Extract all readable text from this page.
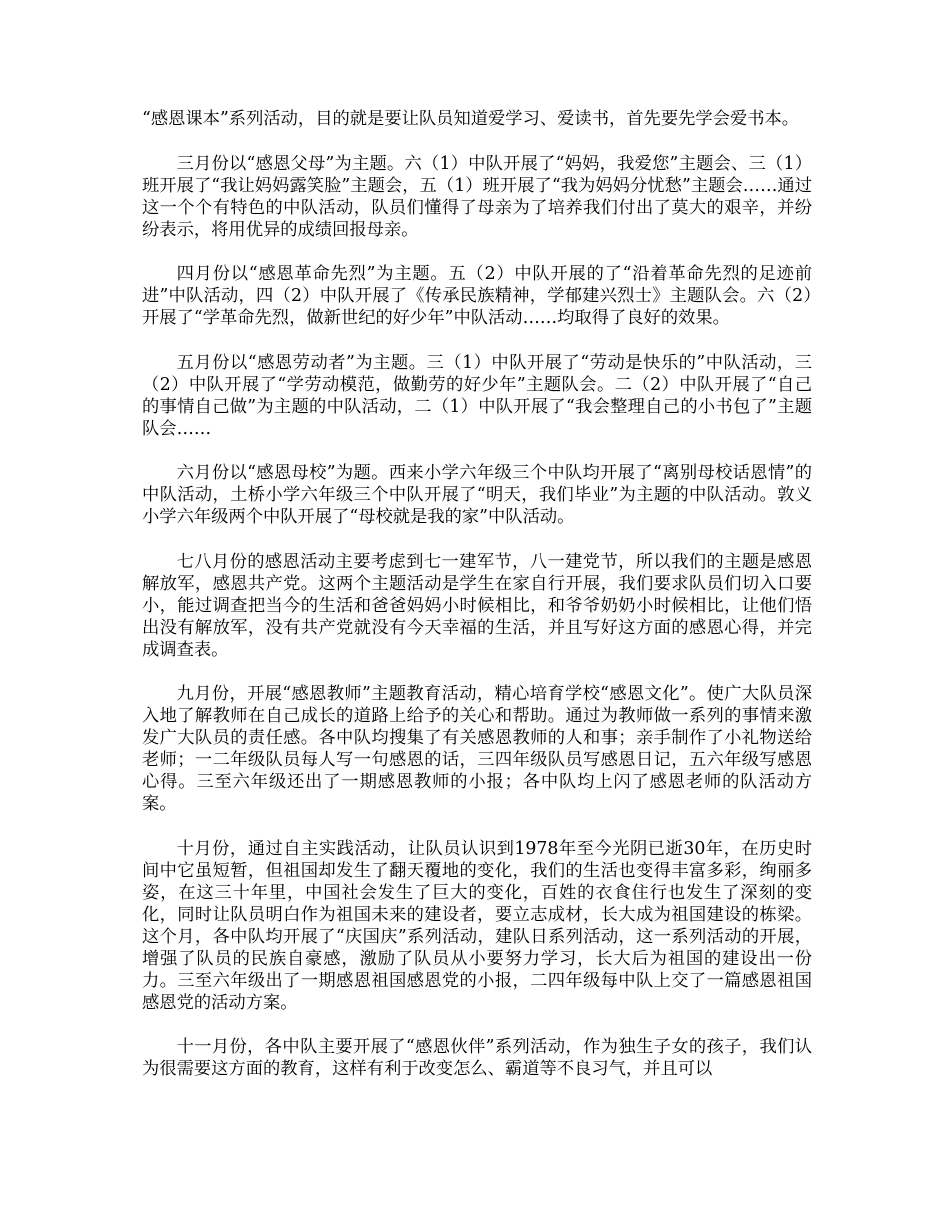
“感恩课本”系列活动，目的就是要让队员知道爱学习、爱读书，首先要先学会爱书本。

三月份以“感恩父母”为主题。六（1）中队开展了“妈妈，我爱您”主题会、三（1）班开展了“我让妈妈露笑脸”主题会，五（1）班开展了“我为妈妈分忧愁”主题会……通过这一个个有特色的中队活动，队员们懂得了母亲为了培养我们付出了莫大的艰辛，并纷纷表示，将用优异的成绩回报母亲。

四月份以“感恩革命先烈”为主题。五（2）中队开展的了“沿着革命先烈的足迹前进”中队活动，四（2）中队开展了《传承民族精神，学郁建兴烈士》主题队会。六（2）开展了“学革命先烈，做新世纪的好少年”中队活动……均取得了良好的效果。

五月份以“感恩劳动者”为主题。三（1）中队开展了“劳动是快乐的”中队活动，三（2）中队开展了“学劳动模范，做勤劳的好少年”主题队会。二（2）中队开展了“自己的事情自己做”为主题的中队活动，二（1）中队开展了“我会整理自己的小书包了”主题队会……

六月份以“感恩母校”为题。西来小学六年级三个中队均开展了“离别母校话恩情”的中队活动，土桥小学六年级三个中队开展了“明天，我们毕业”为主题的中队活动。敦义小学六年级两个中队开展了“母校就是我的家”中队活动。

七八月份的感恩活动主要考虑到七一建军节，八一建党节，所以我们的主题是感恩解放军，感恩共产党。这两个主题活动是学生在家自行开展，我们要求队员们切入口要小，能过调查把当今的生活和爸爸妈妈小时候相比，和爷爷奶奶小时候相比，让他们悟出没有解放军，没有共产党就没有今天幸福的生活，并且写好这方面的感恩心得，并完成调查表。

九月份，开展“感恩教师”主题教育活动，精心培育学校“感恩文化”。使广大队员深入地了解教师在自己成长的道路上给予的关心和帮助。通过为教师做一系列的事情来激发广大队员的责任感。各中队均搜集了有关感恩教师的人和事；亲手制作了小礼物送给老师；一二年级队员每人写一句感恩的话，三四年级队员写感恩日记，五六年级写感恩心得。三至六年级还出了一期感恩教师的小报；各中队均上闪了感恩老师的队活动方案。

十月份，通过自主实践活动，让队员认识到1978年至今光阴已逝30年，在历史时间中它虽短暂，但祖国却发生了翻天覆地的变化，我们的生活也变得丰富多彩，绚丽多姿，在这三十年里，中国社会发生了巨大的变化，百姓的衣食住行也发生了深刻的变化，同时让队员明白作为祖国未来的建设者，要立志成材，长大成为祖国建设的栋梁。这个月，各中队均开展了“庆国庆”系列活动，建队日系列活动，这一系列活动的开展，增强了队员的民族自豪感，激励了队员从小要努力学习，长大后为祖国的建设出一份力。三至六年级出了一期感恩祖国感恩党的小报，二四年级每中队上交了一篇感恩祖国感恩党的活动方案。

十一月份，各中队主要开展了“感恩伙伴”系列活动，作为独生子女的孩子，我们认为很需要这方面的教育，这样有利于改变怎么、霸道等不良习气，并且可以
